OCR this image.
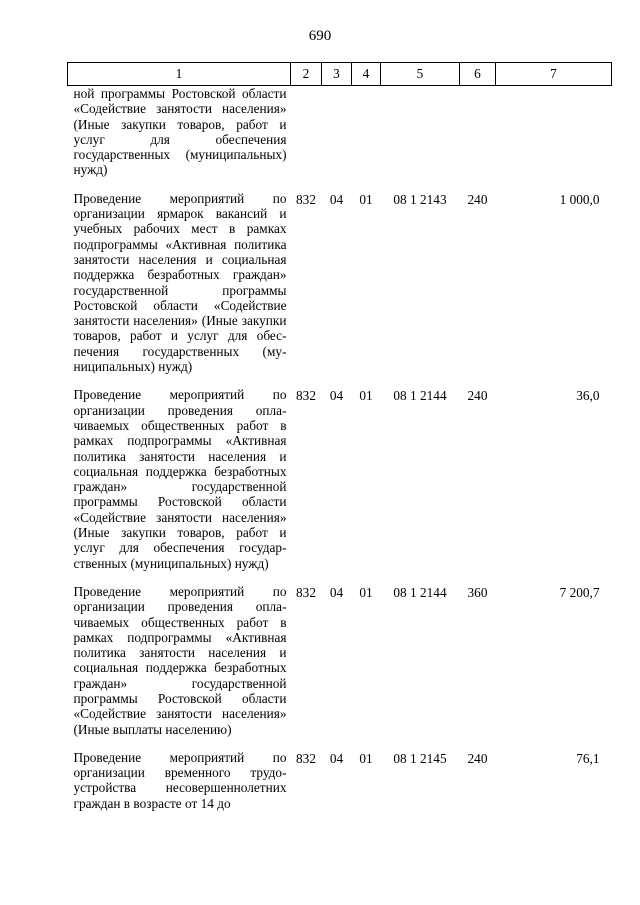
690
1	2	3	4	5	6	7
ной программы Ростовской области «Содействие занятости населения» (Иные закупки товаров, работ и услуг для обеспечения государственных (муниципальных) нужд)						

Проведение мероприятий по организации ярмарок вакансий и учебных рабочих мест в рамках подпрограммы «Активная политика занятости населения и социальная поддержка безработных граждан» государственной программы Ростовской области «Содействие занятости населения» (Иные закупки товаров, работ и услуг для обеспечения государственных (муниципальных) нужд)	832	04	01	08 1 2143	240	1 000,0

Проведение мероприятий по организации проведения оплачиваемых общественных работ в рамках подпрограммы «Активная политика занятости населения и социальная поддержка безработных граждан» государственной программы Ростовской области «Содействие занятости населения» (Иные закупки товаров, работ и услуг для обеспечения государственных (муниципальных) нужд)	832	04	01	08 1 2144	240	36,0

Проведение мероприятий по организации проведения оплачиваемых общественных работ в рамках подпрограммы «Активная политика занятости населения и социальная поддержка безработных граждан» государственной программы Ростовской области «Содействие занятости населения» (Иные выплаты населению)	832	04	01	08 1 2144	360	7 200,7

Проведение мероприятий по организации временного трудоустройства несовершеннолетних граждан в возрасте от 14 до	832	04	01	08 1 2145	240	76,1
